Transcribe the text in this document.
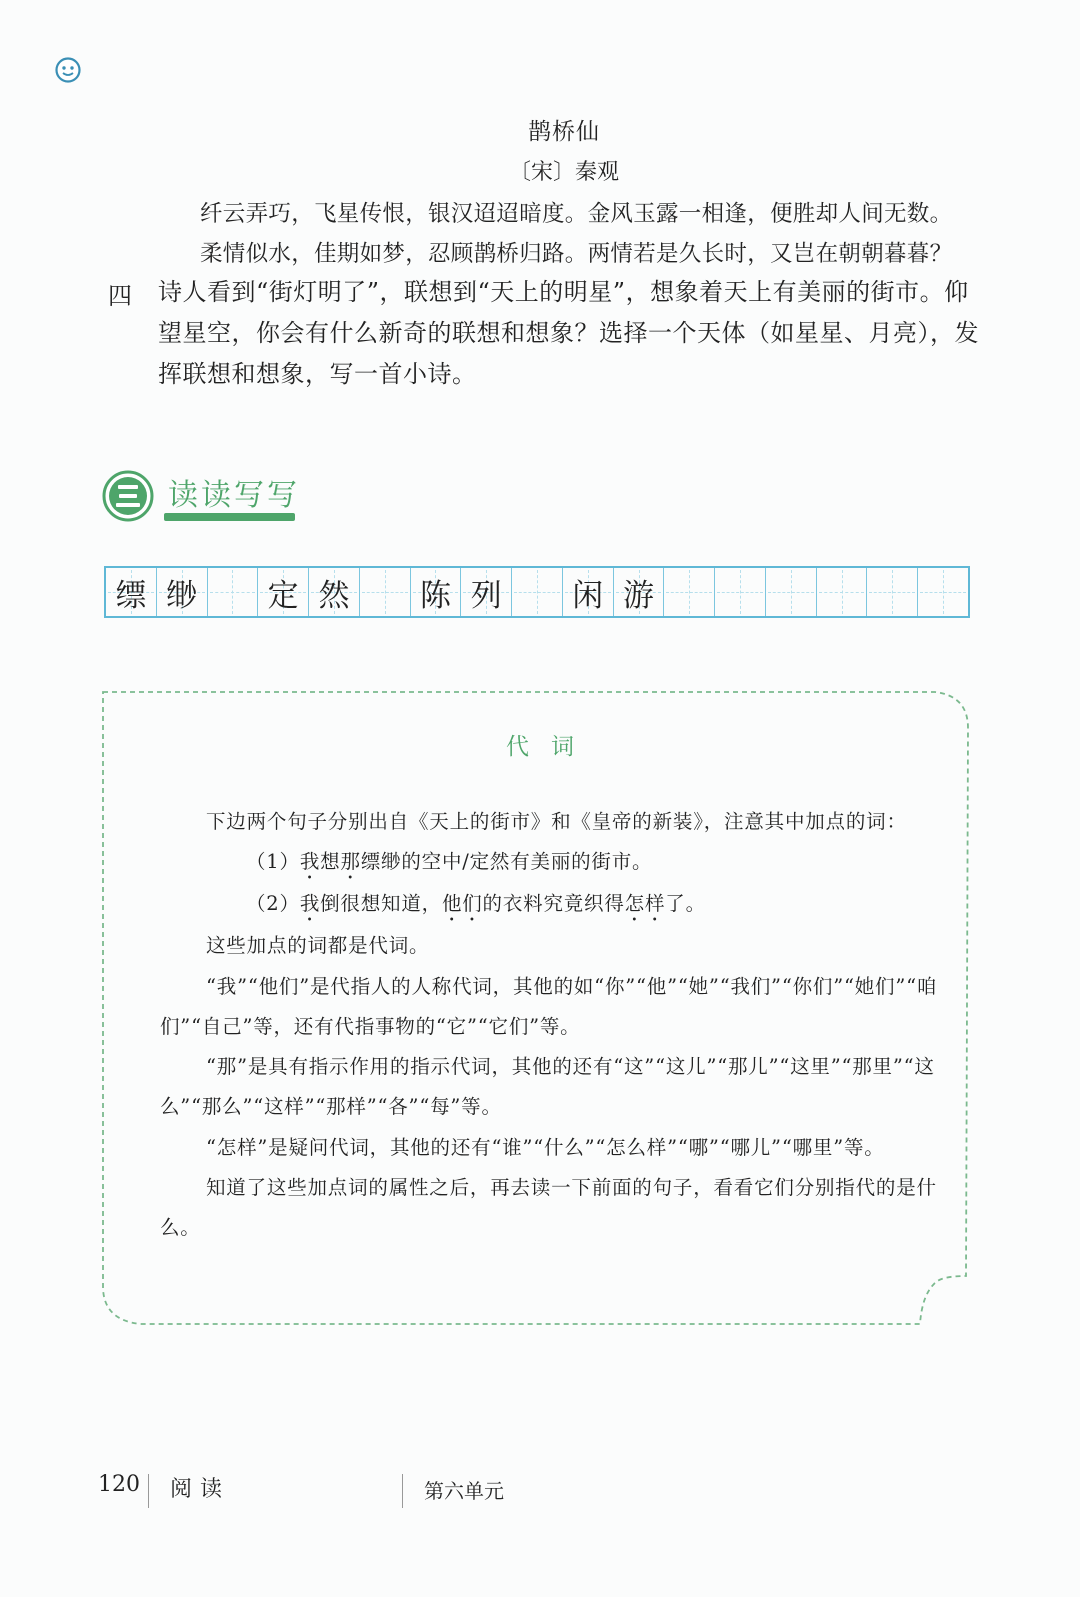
鹊桥仙
〔宋〕秦观
纤云弄巧，飞星传恨，银汉迢迢暗度。金风玉露一相逢，便胜却人间无数。
柔情似水，佳期如梦，忍顾鹊桥归路。两情若是久长时，又岂在朝朝暮暮？
四 诗人看到“街灯明了”，联想到“天上的明星”，想象着天上有美丽的街市。仰望星空，你会有什么新奇的联想和想象？选择一个天体（如星星、月亮），发挥联想和想象，写一首小诗。
读读写写
缥 缈 定 然 陈 列 闲 游
代词

下边两个句子分别出自《天上的街市》和《皇帝的新装》，注意其中加点的词：

（1）我想那缥缈的空中/定然有美丽的街市。

（2）我倒很想知道，他们的衣料究竟织得怎样了。

这些加点的词都是代词。

“我”“他们”是代指人的人称代词，其他的如“你”“他”“她”“我们”“你们”“她们”“咱们”“自己”等，还有代指事物的“它”“它们”等。

“那”是具有指示作用的指示代词，其他的还有“这”“这儿”“那儿”“这里”“那里”“这么”“那么”“这样”“那样”“各”“每”等。

“怎样”是疑问代词，其他的还有“谁”“什么”“怎么样”“哪”“哪儿”“哪里”等。

知道了这些加点词的属性之后，再去读一下前面的句子，看看它们分别指代的是什么。

120 阅读	第六单元
